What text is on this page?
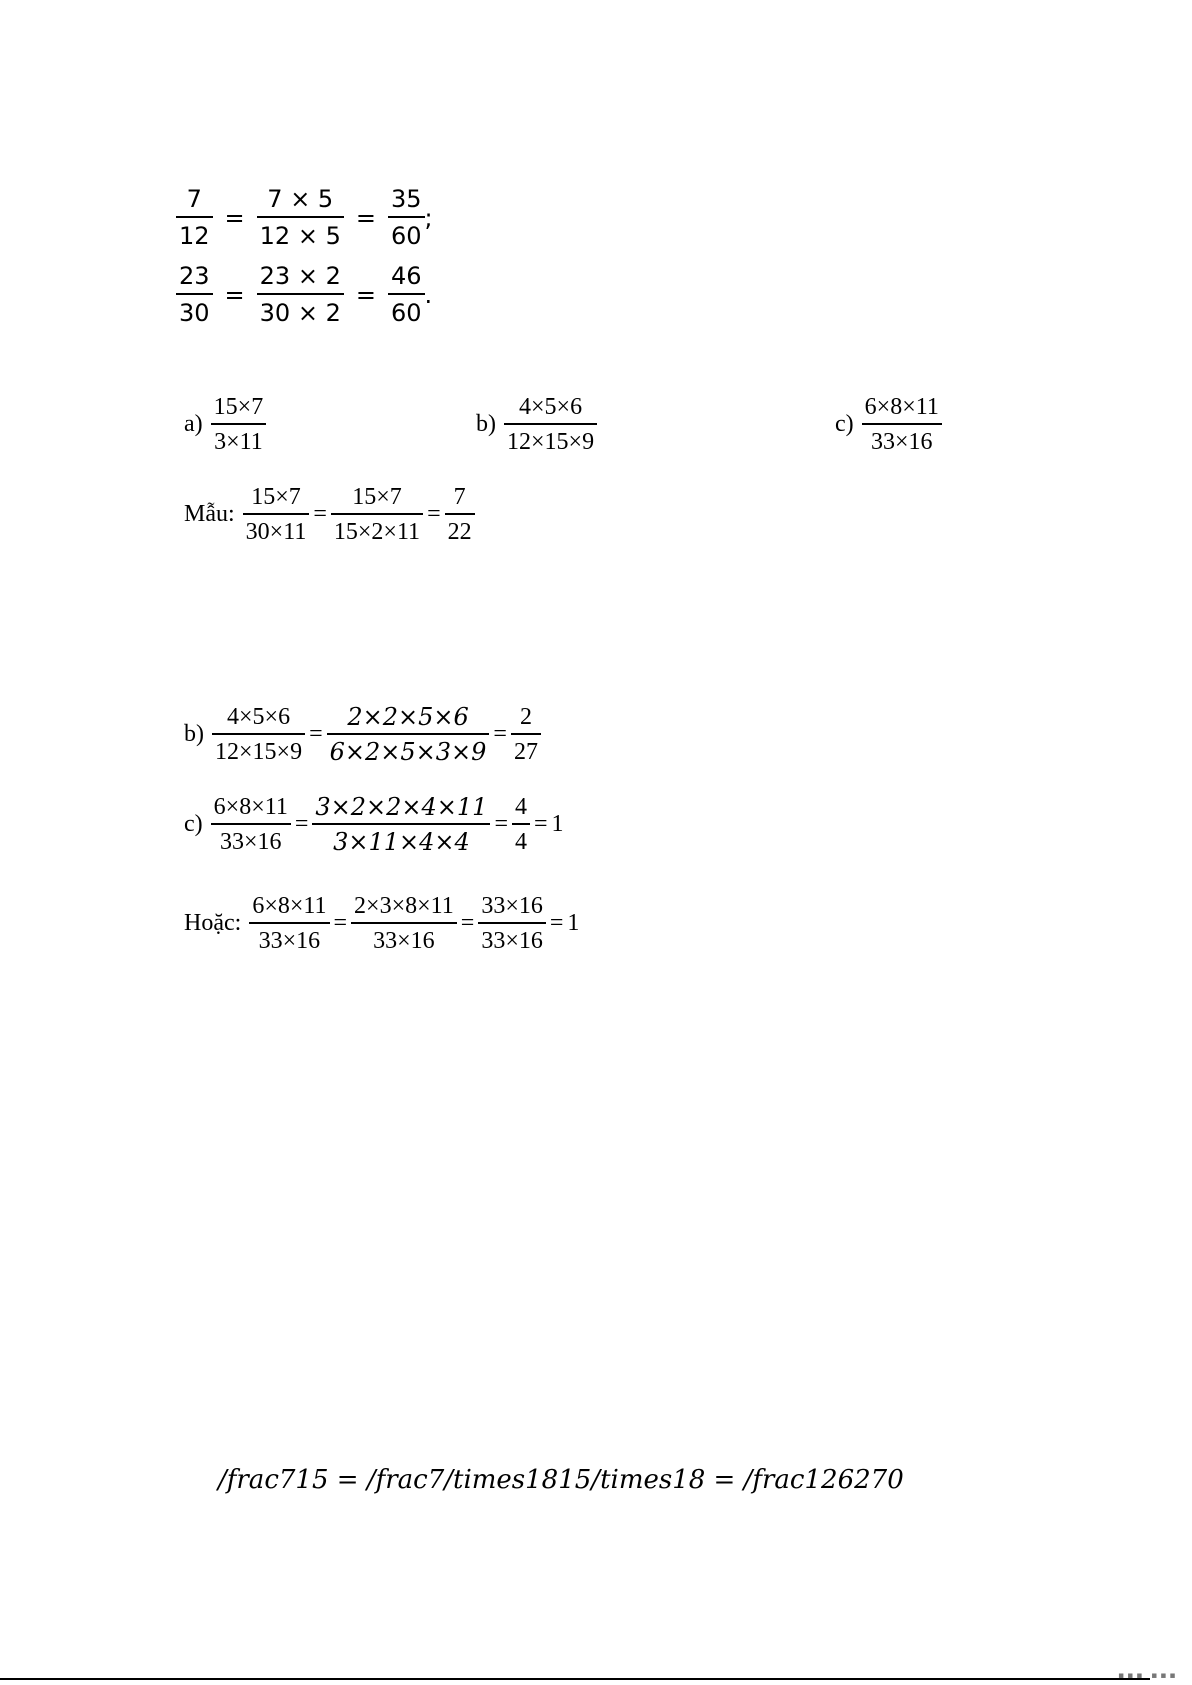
$\frac{7}{12} = \frac{7 \times 5}{12 \times 5} = \frac{35}{60}$ ;
$\frac{23}{30} = \frac{23 \times 2}{30 \times 2} = \frac{46}{60}$ .
$a) \frac{15\times 7}{3\times 11}$	$b) \frac{4\times 5\times 6}{12\times 15\times 9}$	$c) \frac{6\times 8\times 11}{33\times 16}$
Mẫu: $\frac{15\times 7}{30\times 11} = \frac{15\times 7}{15\times 2\times 11} = \frac{7}{22}$
$b) \frac{4\times 5\times 6}{12\times 15\times 9} = \frac{2\times 2\times 5\times 6}{6\times 2\times 5\times 3\times 9} = \frac{2}{27}$
$c) \frac{6\times 8\times 11}{33\times 16} = \frac{3\times 2\times 2\times 4\times 11}{3\times 11\times 4\times 4} = \frac{4}{4} = 1$
Hoặc: $\frac{6\times 8\times 11}{33\times 16} = \frac{2\times 3\times 8\times 11}{33\times 16} = \frac{33\times 16}{33\times 16} = 1$
/frac715 = /frac7/times1815/times18 = /frac126270
▪▪▪ ▪▪▪
